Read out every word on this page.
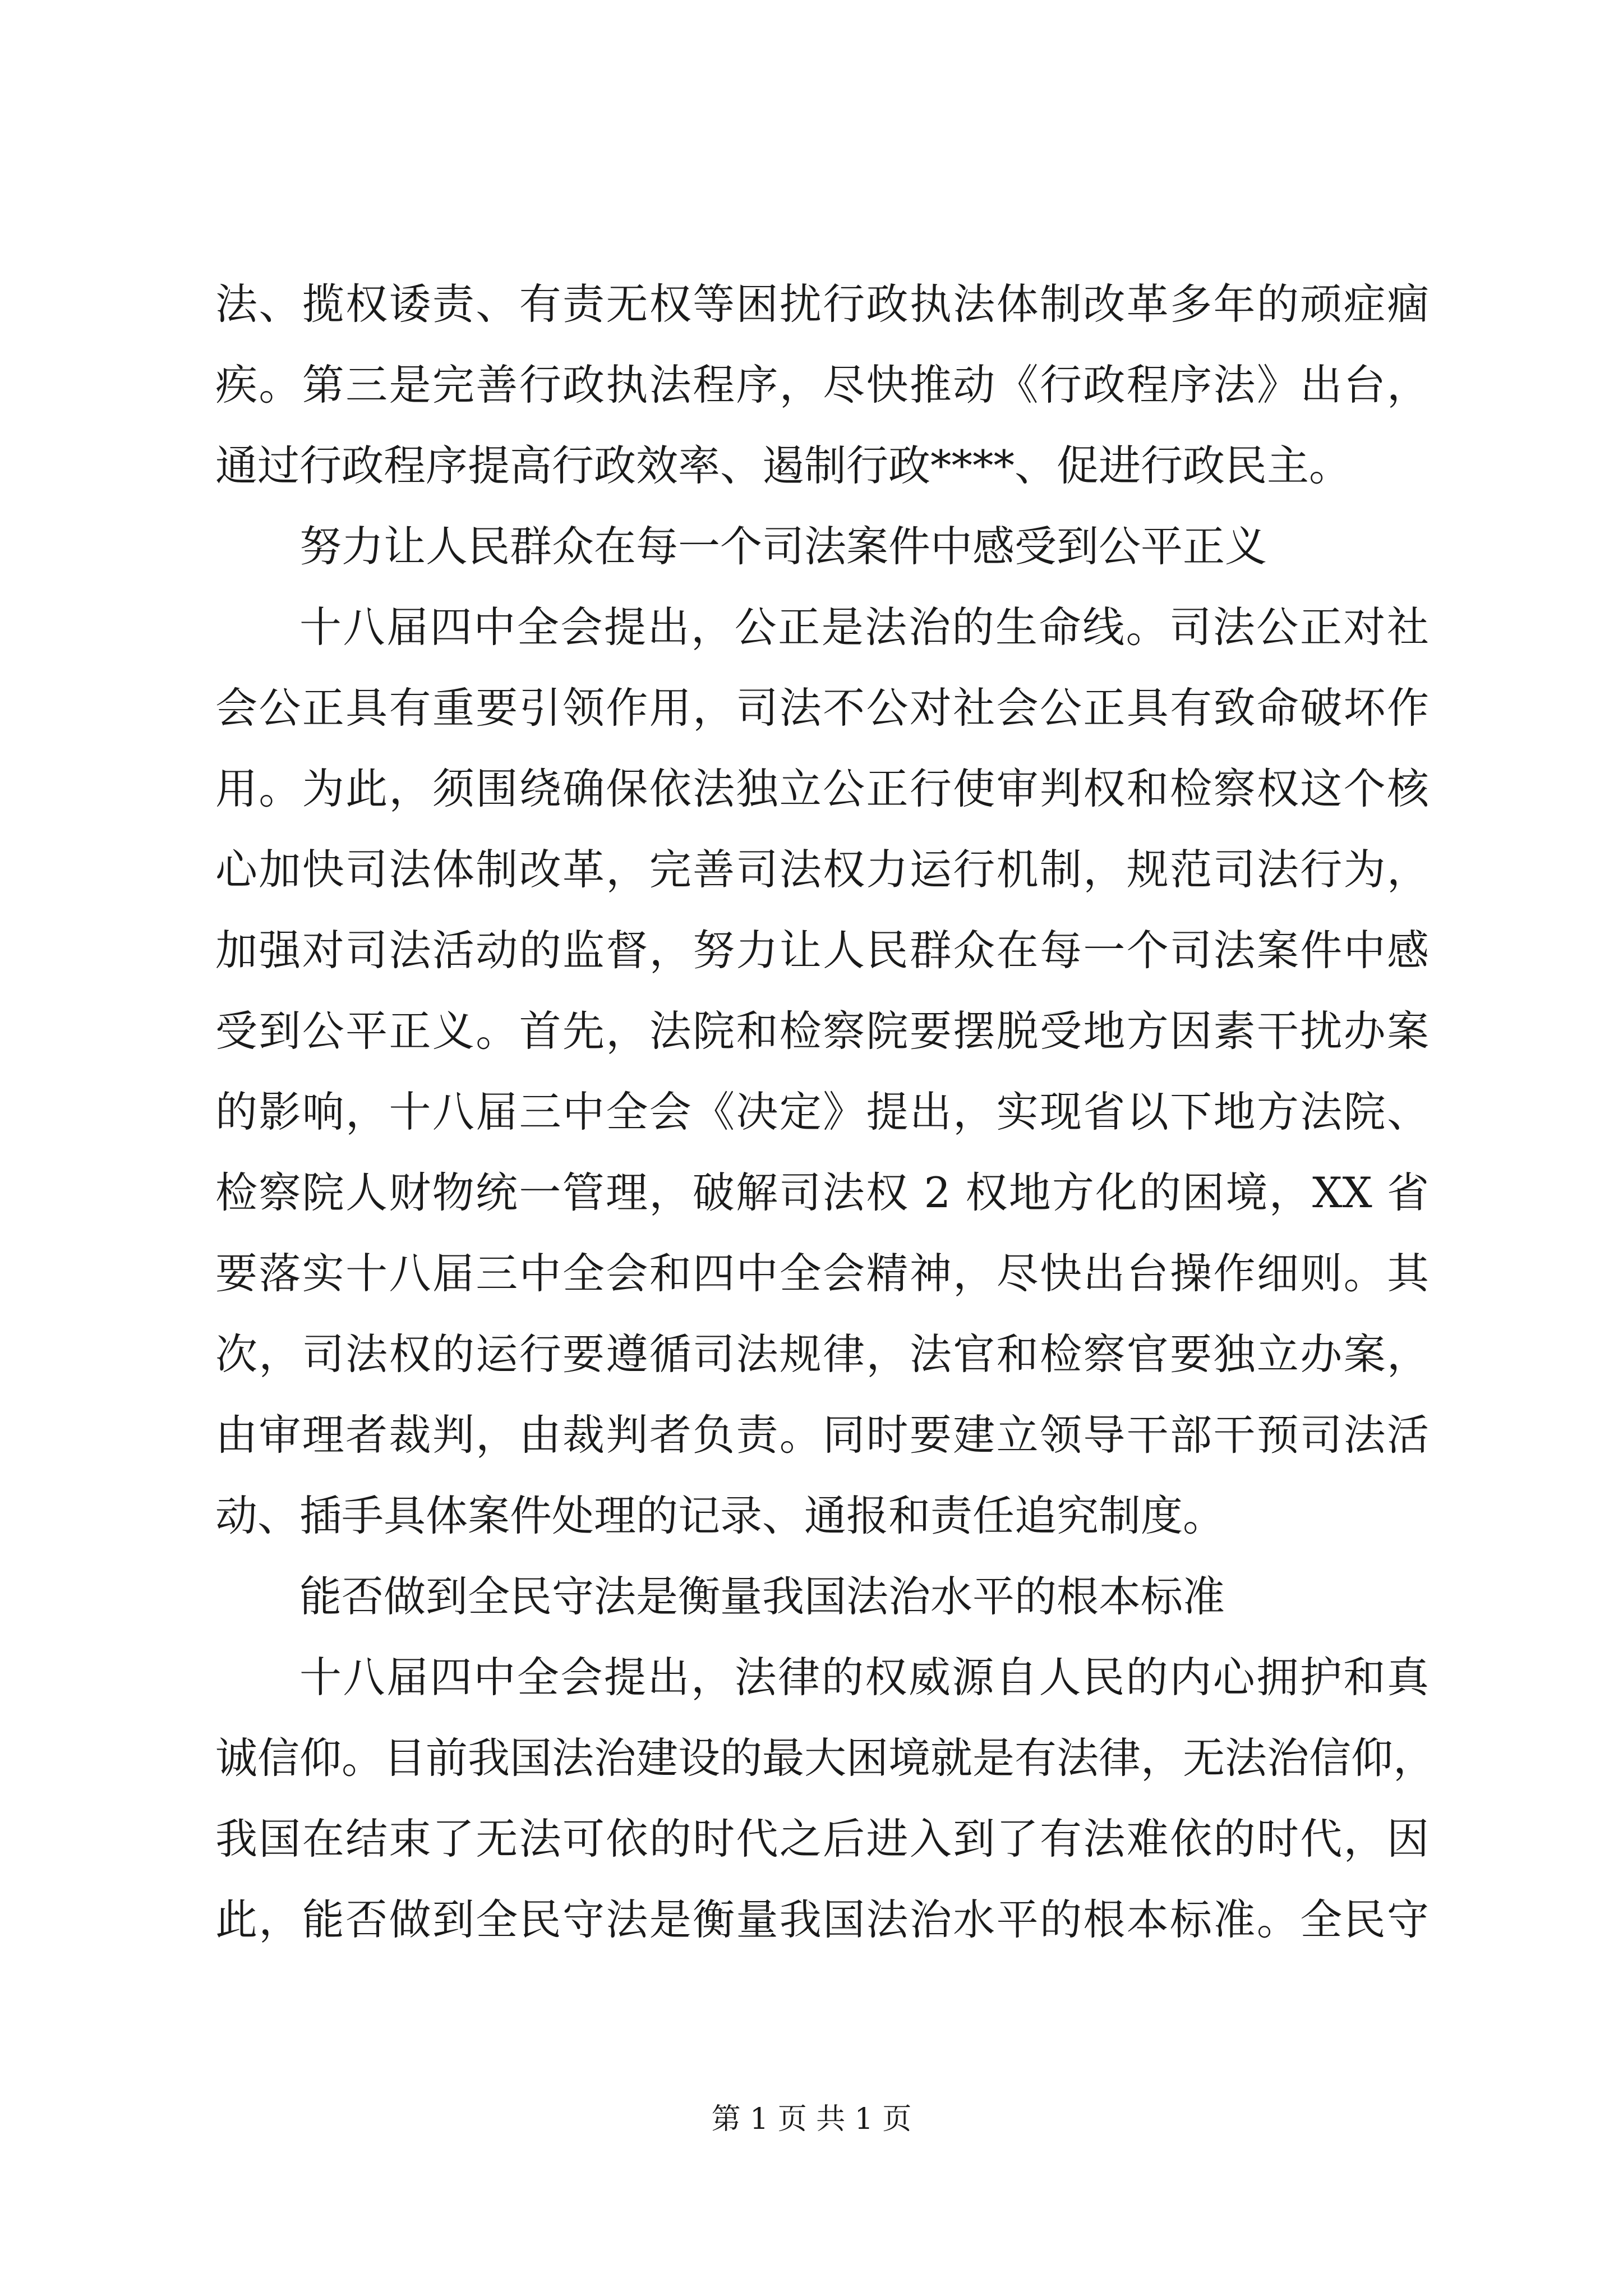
法、揽权诿责、有责无权等困扰行政执法体制改革多年的顽症痼
疾。第三是完善行政执法程序，尽快推动《行政程序法》出台，
通过行政程序提高行政效率、遏制行政****、促进行政民主。
努力让人民群众在每一个司法案件中感受到公平正义
十八届四中全会提出，公正是法治的生命线。司法公正对社
会公正具有重要引领作用，司法不公对社会公正具有致命破坏作
用。为此，须围绕确保依法独立公正行使审判权和检察权这个核
心加快司法体制改革，完善司法权力运行机制，规范司法行为，
加强对司法活动的监督，努力让人民群众在每一个司法案件中感
受到公平正义。首先，法院和检察院要摆脱受地方因素干扰办案
的影响，十八届三中全会《决定》提出，实现省以下地方法院、
检察院人财物统一管理，破解司法权 2 权地方化的困境，XX 省
要落实十八届三中全会和四中全会精神，尽快出台操作细则。其
次，司法权的运行要遵循司法规律，法官和检察官要独立办案，
由审理者裁判，由裁判者负责。同时要建立领导干部干预司法活
动、插手具体案件处理的记录、通报和责任追究制度。
能否做到全民守法是衡量我国法治水平的根本标准
十八届四中全会提出，法律的权威源自人民的内心拥护和真
诚信仰。目前我国法治建设的最大困境就是有法律，无法治信仰，
我国在结束了无法可依的时代之后进入到了有法难依的时代，因
此，能否做到全民守法是衡量我国法治水平的根本标准。全民守
第 1 页 共 1 页
